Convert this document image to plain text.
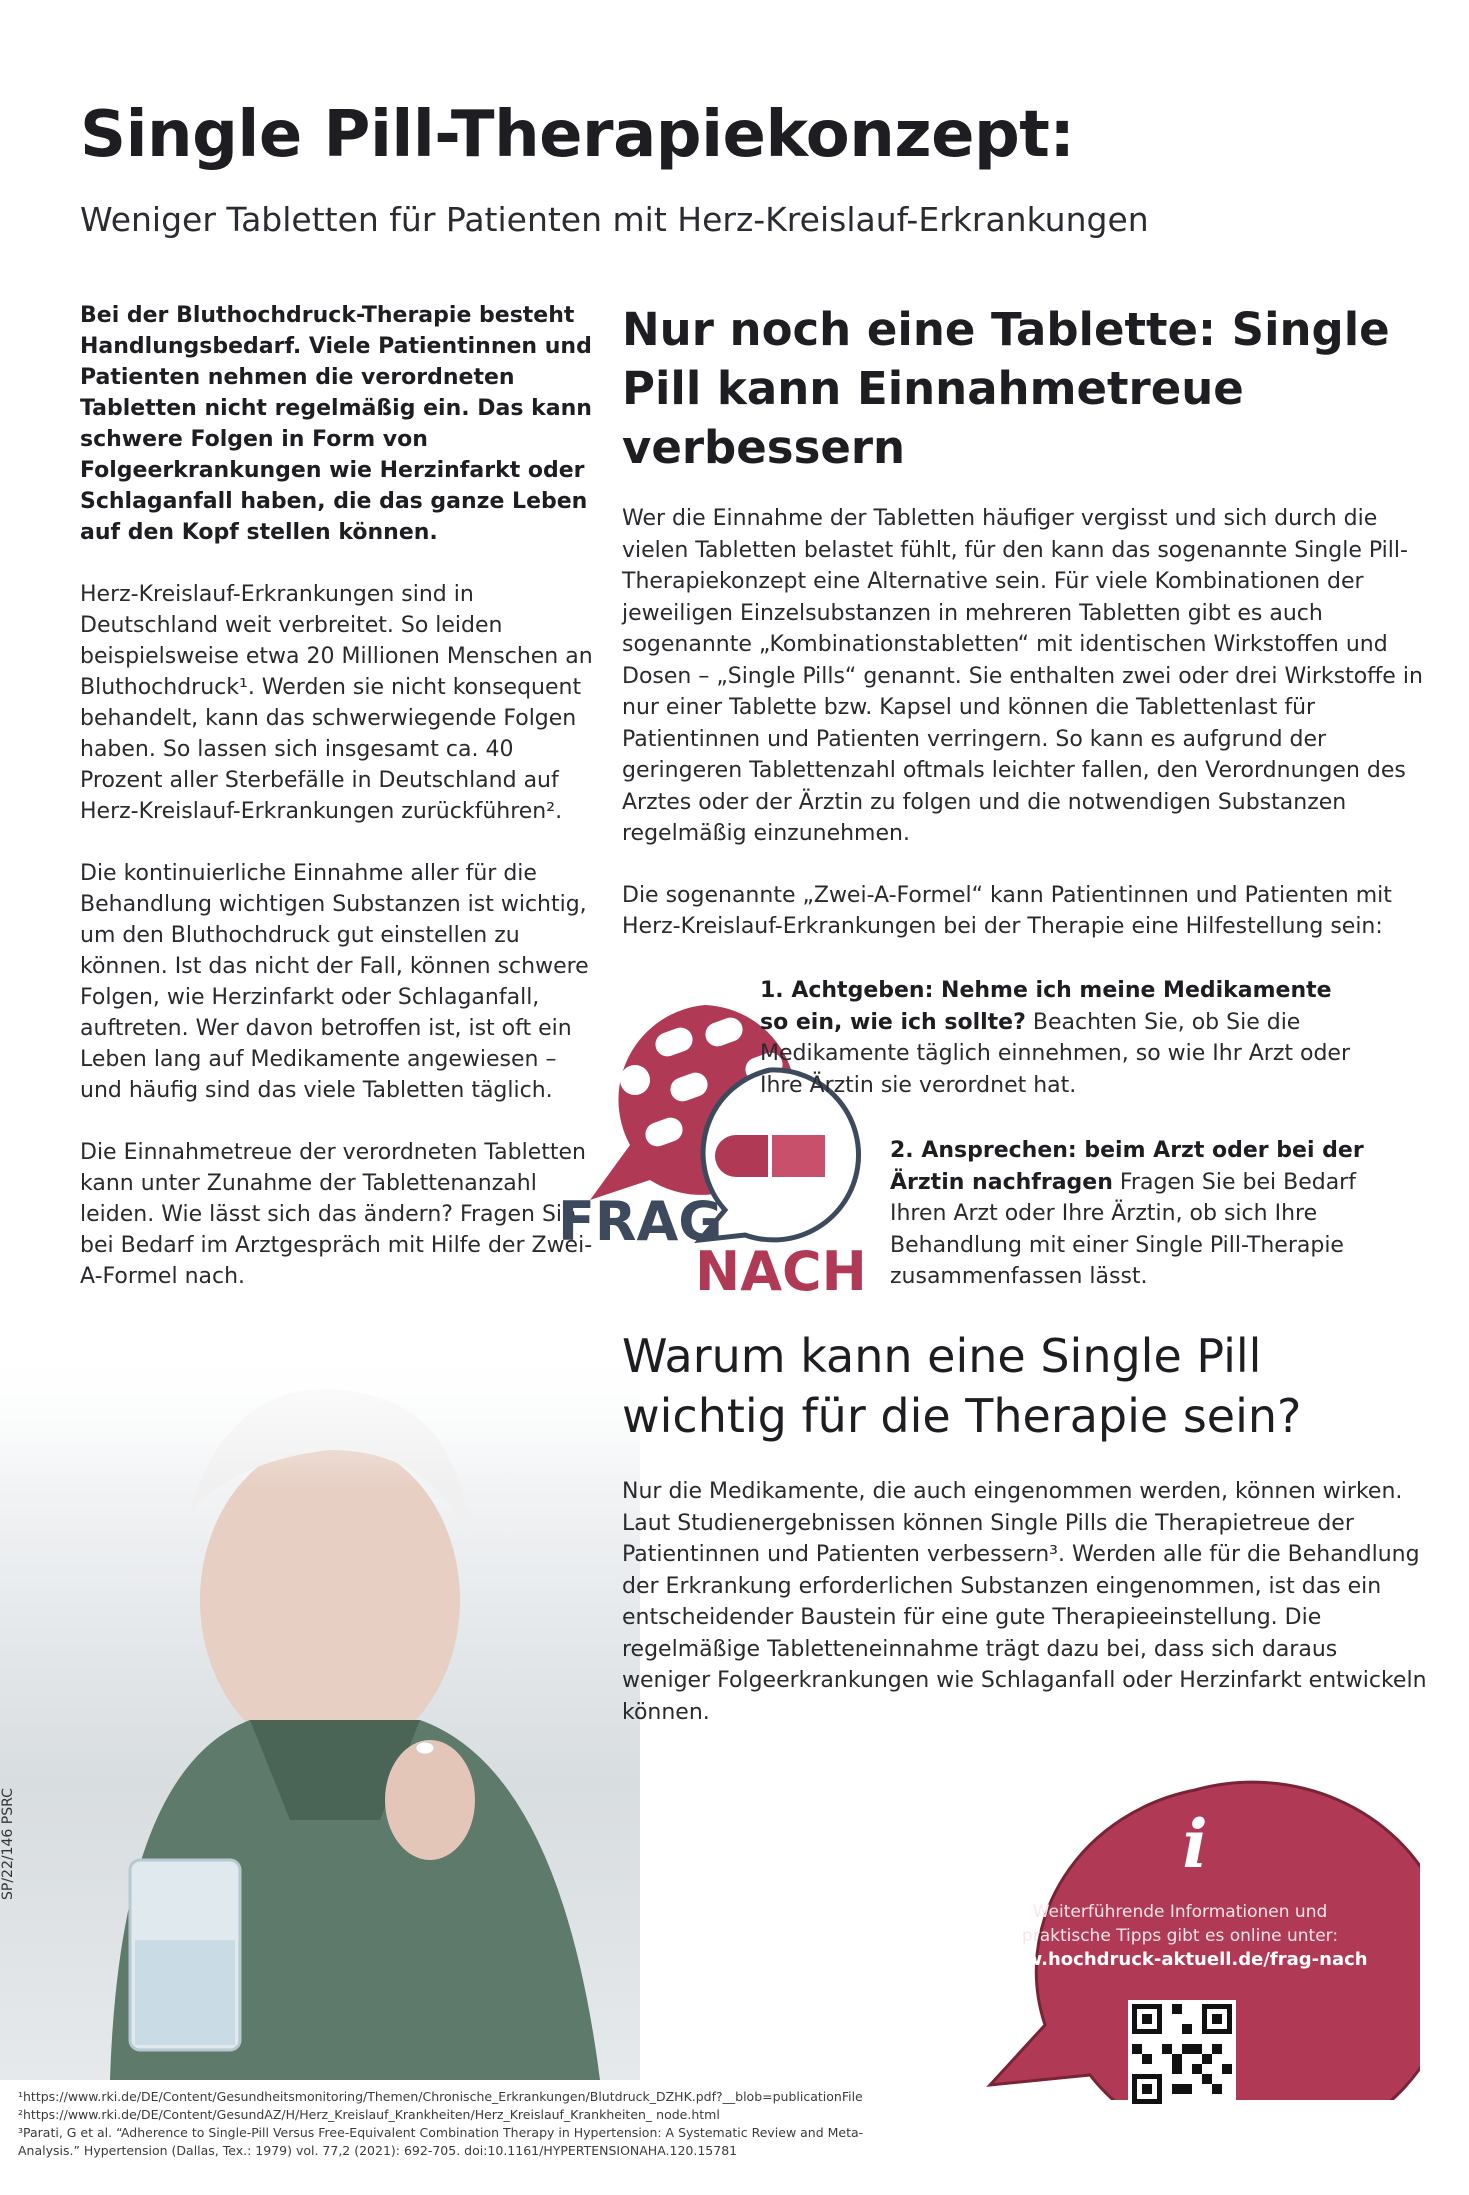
Single Pill-Therapiekonzept:
Weniger Tabletten für Patienten mit Herz-Kreislauf-Erkrankungen

Bei der Bluthochdruck-Therapie besteht Handlungsbedarf. Viele Patientinnen und Patienten nehmen die verordneten Tabletten nicht regelmäßig ein. Das kann schwere Folgen in Form von Folgeerkrankungen wie Herzinfarkt oder Schlaganfall haben, die das ganze Leben auf den Kopf stellen können.

Herz-Kreislauf-Erkrankungen sind in Deutschland weit verbreitet. So leiden beispielsweise etwa 20 Millionen Menschen an Bluthochdruck¹. Werden sie nicht konsequent behandelt, kann das schwerwiegende Folgen haben. So lassen sich insgesamt ca. 40 Prozent aller Sterbefälle in Deutschland auf Herz-Kreislauf-Erkrankungen zurückführen².

Die kontinuierliche Einnahme aller für die Behandlung wichtigen Substanzen ist wichtig, um den Bluthochdruck gut einstellen zu können. Ist das nicht der Fall, können schwere Folgen, wie Herzinfarkt oder Schlaganfall, auftreten. Wer davon betroffen ist, ist oft ein Leben lang auf Medikamente angewiesen – und häufig sind das viele Tabletten täglich.

Die Einnahmetreue der verordneten Tabletten kann unter Zunahme der Tablettenanzahl leiden. Wie lässt sich das ändern? Fragen Sie bei Bedarf im Arztgespräch mit Hilfe der Zwei-A-Formel nach.

Nur noch eine Tablette: Single Pill kann Einnahmetreue verbessern

Wer die Einnahme der Tabletten häufiger vergisst und sich durch die vielen Tabletten belastet fühlt, für den kann das sogenannte Single Pill-Therapiekonzept eine Alternative sein. Für viele Kombinationen der jeweiligen Einzelsubstanzen in mehreren Tabletten gibt es auch sogenannte „Kombinationstabletten“ mit identischen Wirkstoffen und Dosen – „Single Pills“ genannt. Sie enthalten zwei oder drei Wirkstoffe in nur einer Tablette bzw. Kapsel und können die Tablettenlast für Patientinnen und Patienten verringern. So kann es aufgrund der geringeren Tablettenzahl oftmals leichter fallen, den Verordnungen des Arztes oder der Ärztin zu folgen und die notwendigen Substanzen regelmäßig einzunehmen.

Die sogenannte „Zwei-A-Formel“ kann Patientinnen und Patienten mit Herz-Kreislauf-Erkrankungen bei der Therapie eine Hilfestellung sein:

FRAG
NACH
1. Achtgeben: Nehme ich meine Medikamente so ein, wie ich sollte? Beachten Sie, ob Sie die Medikamente täglich einnehmen, so wie Ihr Arzt oder Ihre Ärztin sie verordnet hat.
2. Ansprechen: beim Arzt oder bei der Ärztin nachfragen Fragen Sie bei Bedarf Ihren Arzt oder Ihre Ärztin, ob sich Ihre Behandlung mit einer Single Pill-Therapie zusammenfassen lässt.
Warum kann eine Single Pill wichtig für die Therapie sein?
Nur die Medikamente, die auch eingenommen werden, können wirken. Laut Studienergebnissen können Single Pills die Therapietreue der Patientinnen und Patienten verbessern³. Werden alle für die Behandlung der Erkrankung erforderlichen Substanzen eingenommen, ist das ein entscheidender Baustein für eine gute Therapieeinstellung. Die regelmäßige Tabletteneinnahme trägt dazu bei, dass sich daraus weniger Folgeerkrankungen wie Schlaganfall oder Herzinfarkt entwickeln können.
i
Weiterführende Informationen und praktische Tipps gibt es online unter:
www.hochdruck-aktuell.de/frag-nach
¹https://www.rki.de/DE/Content/Gesundheitsmonitoring/Themen/Chronische_Erkrankungen/Blutdruck_DZHK.pdf?__blob=publicationFile
²https://www.rki.de/DE/Content/GesundAZ/H/Herz_Kreislauf_Krankheiten/Herz_Kreislauf_Krankheiten_ node.html
³Parati, G et al. “Adherence to Single-Pill Versus Free-Equivalent Combination Therapy in Hypertension: A Systematic Review and Meta-
Analysis.” Hypertension (Dallas, Tex.: 1979) vol. 77,2 (2021): 692-705. doi:10.1161/HYPERTENSIONAHA.120.15781
SP/22/146 PSRC
